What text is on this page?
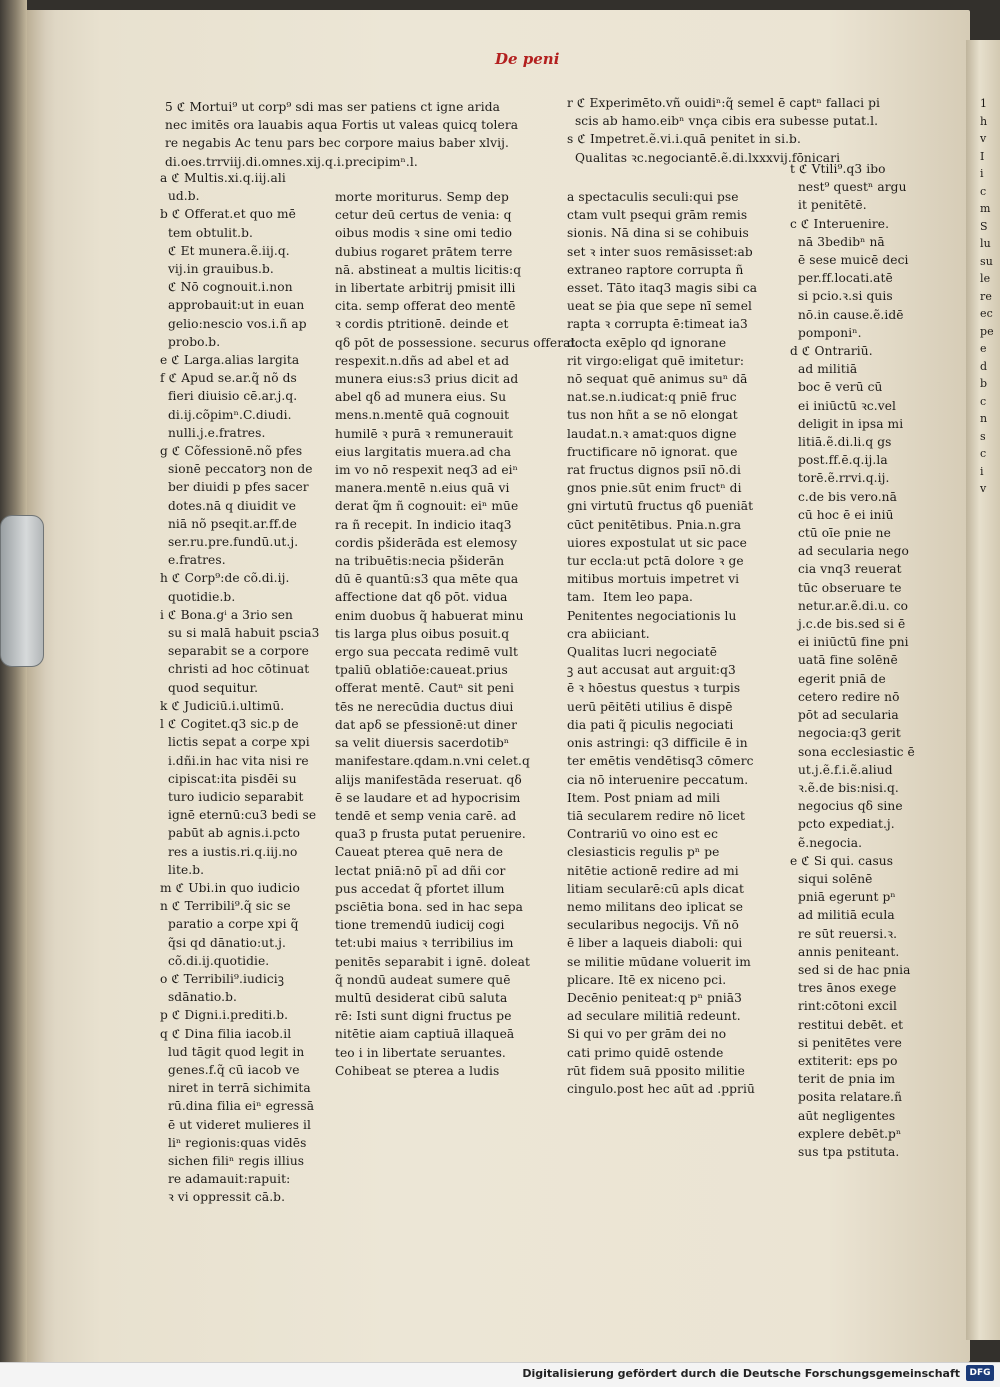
De peni
5 ℭ Mortui⁹ ut corp⁹ sdi mas ser patiens ct igne arida
nec imitēs ora lauabis aqua Fortis ut valeas quicq tolera
re negabis Ac tenu pars bec corpore maius baber xlvij.
di.oes.trrviij.di.omnes.xij.q.i.precipimⁿ.l.
a ℭ Multis.xi.q.iij.ali
ud.b.
b ℭ Offerat.et quo mē
tem obtulit.b.
ℭ Et munera.ẽ.iij.q.
vij.in grauibus.b.
ℭ Nō cognouit.i.non
approbauit:ut in euan
gelio:nescio vos.i.ñ ap
probo.b.
e ℭ Larga.alias largita
f ℭ Apud se.ar.q̃ nõ ds
fieri diuisio cē.ar.j.q.
di.ij.cõpimⁿ.C.diudi.
nulli.j.e.fratres.
g ℭ Cõfessionē.nõ pfes
sionē peccatorꝫ non de
ber diuidi p pfes sacer
dotes.nā q diuidit ve
niā nõ pseqit.ar.ff.de
ser.ru.pre.fundū.ut.j.
e.fratres.
h ℭ Corp⁹:de cõ.di.ij.
quotidie.b.
i ℭ Bona.gⁱ a 3rio sen
su si malā habuit pscia3
separabit se a corpore
christi ad hoc cōtinuat
quod sequitur.
k ℭ Judiciū.i.ultimū.
l ℭ Cogitet.q3 sic.p de
lictis sepat a corpe xpi
i.dñi.in hac vita nisi re
cipiscat:ita pisdēi su
turo iudicio separabit
ignē eternū:cu3 bedi se
pabūt ab agnis.i.pcto
res a iustis.ri.q.iij.no
lite.b.
m ℭ Ubi.in quo iudicio
n ℭ Terribili⁹.q̃ sic se
paratio a corpe xpi q̃
q̃si qd dānatio:ut.j.
cõ.di.ij.quotidie.
o ℭ Terribili⁹.iudiciꝫ
sdānatio.b.
p ℭ Digni.i.prediti.b.
q ℭ Dina filia iacob.il
lud tāgit quod legit in
genes.f.q̃ cū iacob ve
niret in terrā sichimita
rū.dina filia eiⁿ egressā
ē ut videret mulieres il
liⁿ regionis:quas vidēs
sichen filiⁿ regis illius
re adamauit:rapuit:
ꝛ vi oppressit cā.b.
morte moriturus. Semp dep
cetur deū certus de venia: q
oibus modis ꝛ sine omi tedio
dubius rogaret prātem terre
nā. abstineat a multis licitis:q
in libertate arbitrij pmisit illi
cita. semp offerat deo mentē
ꝛ cordis ptritionē. deinde et
qδ pōt de possessione. securus offerat.
respexit.n.dñs ad abel et ad
munera eius:s3 prius dicit ad
abel qδ ad munera eius. Su
mens.n.mentē quā cognouit
humilē ꝛ purā ꝛ remunerauit
eius largitatis muera.ad cha
im vo nō respexit neq3 ad eiⁿ
manera.mentē n.eius quā vi
derat q̃m ñ cognouit: eiⁿ mūe
ra ñ recepit. In indicio itaq3
cordis pšiderāda est elemosy
na tribuētis:necia pšiderān
dū ē quantū:s3 qua mēte qua
affectione dat qδ pōt. vidua
enim duobus q̃ habuerat minu
tis larga plus oibus posuit.q
ergo sua peccata redimē vult
tpaliū oblatiōe:caueat.prius
offerat mentē. Cautⁿ sit peni
tēs ne nerecūdia ductus diui
dat apδ se pfessionē:ut diner
sa velit diuersis sacerdotibⁿ
manifestare.qdam.n.vni celet.q
alijs manifestāda reseruat. qδ
ē se laudare et ad hypocrisim
tendē et semp venia carē. ad
qua3 p frusta putat peruenire.
Caueat pterea quē nera de
lectat pniā:nō pῑ ad dñi cor
pus accedat q̃ pfortet illum
psciētia bona. sed in hac sepa
tione tremendū iudicij cogi
tet:ubi maius ꝛ terribilius im
penitēs separabit i ignē. doleat
q̃ nondū audeat sumere quē
multū desiderat cibū saluta
rē: Isti sunt digni fructus pe
nitētie aiam captiuā illaqueā
teo i in libertate seruantes.
Cohibeat se pterea a ludis
r ℭ Experimēto.vñ ouidiⁿ:q̃ semel ē captⁿ fallaci pi
scis ab hamo.eibⁿ vnça cibis era subesse putat.l.
s ℭ Impetret.ẽ.vi.i.quā penitet in si.b.
Qualitas ꝛc.negociantē.ẽ.di.lxxxvij.fōnicari
a spectaculis seculi:qui pse
ctam vult psequi grām remis
sionis. Nā dina si se cohibuis
set ꝛ inter suos remāsisset:ab
extraneo raptore corrupta ñ
esset. Tāto itaq3 magis sibi ca
ueat se ṗia que sepe nī semel
rapta ꝛ corrupta ē:timeat ia3
docta exēplo qd ignorane
rit virgo:eligat quē imitetur:
nō sequat quē animus suⁿ dā
nat.se.n.iudicat:q pniē fruc
tus non hñt a se nō elongat
laudat.n.ꝛ amat:quos digne
fructificare nō ignorat. que
rat fructus dignos psiī nō.di
gnos pnie.sūt enim fructⁿ di
gni virtutū fructus qδ pueniāt
cūct penitētibus. Pnia.n.gra
uiores expostulat ut sic pace
tur eccla:ut pctā dolore ꝛ ge
mitibus mortuis impetret vi
tam.  Item leo papa.
Penitentes negociationis lu
cra abiiciant.
Qualitas lucri negociatē
ꝫ aut accusat aut arguit:q3
ē ꝛ hōestus questus ꝛ turpis
uerū pēitēti utilius ē dispē
dia pati q̃ piculis negociati
onis astringi: q3 difficile ē in
ter emētis vendētisq3 cōmerc
cia nō interuenire peccatum.
Item. Post pniam ad mili
tiā secularem redire nō licet
Contrariū vo oino est ec
clesiasticis regulis pⁿ pe
nitētie actionē redire ad mi
litiam secularē:cū apls dicat
nemo militans deo iplicat se
secularibus negocijs. Vñ nō
ē liber a laqueis diaboli: qui
se militie mūdane voluerit im
plicare. Itē ex niceno pci.
Decēnio peniteat:q pⁿ pniā3
ad seculare militiā redeunt.
Si qui vo per grām dei no
cati primo quidē ostende
rūt fidem suā pposito militie
cingulo.post hec aūt ad .ppriū
t ℭ Vtili⁹.q3 ibo
nest⁹ questⁿ argu
it penitētē.
c ℭ Interuenire.
nā 3bedibⁿ nā
ē sese muicē deci
per.ff.locati.atē
si pcio.ꝛ.si quis
nō.in cause.ẽ.idē
pomponiⁿ.
d ℭ Ontrariū.
ad militiā
boc ē verū cū
ei iniūctū ꝛc.vel
deligit in ipsa mi
litiā.ẽ.di.li.q gs
post.ff.ē.q.ij.la
torē.ẽ.rrvi.q.ij.
c.de bis vero.nā
cū hoc ē ei iniū
ctū oīe pnie ne
ad secularia nego
cia vnq3 reuerat
tūc obseruare te
netur.ar.ẽ.di.u. co
j.c.de bis.sed si ē
ei iniūctū fine pni
uatā fine solēnē
egerit pniā de
cetero redire nō
pōt ad secularia
negocia:q3 gerit
sona ecclesiastic ē
ut.j.ẽ.f.i.ẽ.aliud
ꝛ.ẽ.de bis:nisi.q.
negocius qδ sine
pcto expediat.j.
ẽ.negocia.
e ℭ Si qui. casus
siqui solēnē
pniā egerunt pⁿ
ad militiā ecula
re sūt reuersi.ꝛ.
annis peniteant.
sed si de hac pnia
tres ānos exege
rint:cōtoni excil
restitui debēt. et
si penitētes vere
extiterit: eps po
terit de pnia im
posita relatare.ñ
aūt negligentes
explere debēt.pⁿ
sus tpa pstituta.
1
h
v
I
i
c
m
S
lu
su
le
re
ec
pe
e
d
b
c
n
s
c
i
v
Digitalisierung gefördert durch die Deutsche Forschungsgemeinschaft	DFG
